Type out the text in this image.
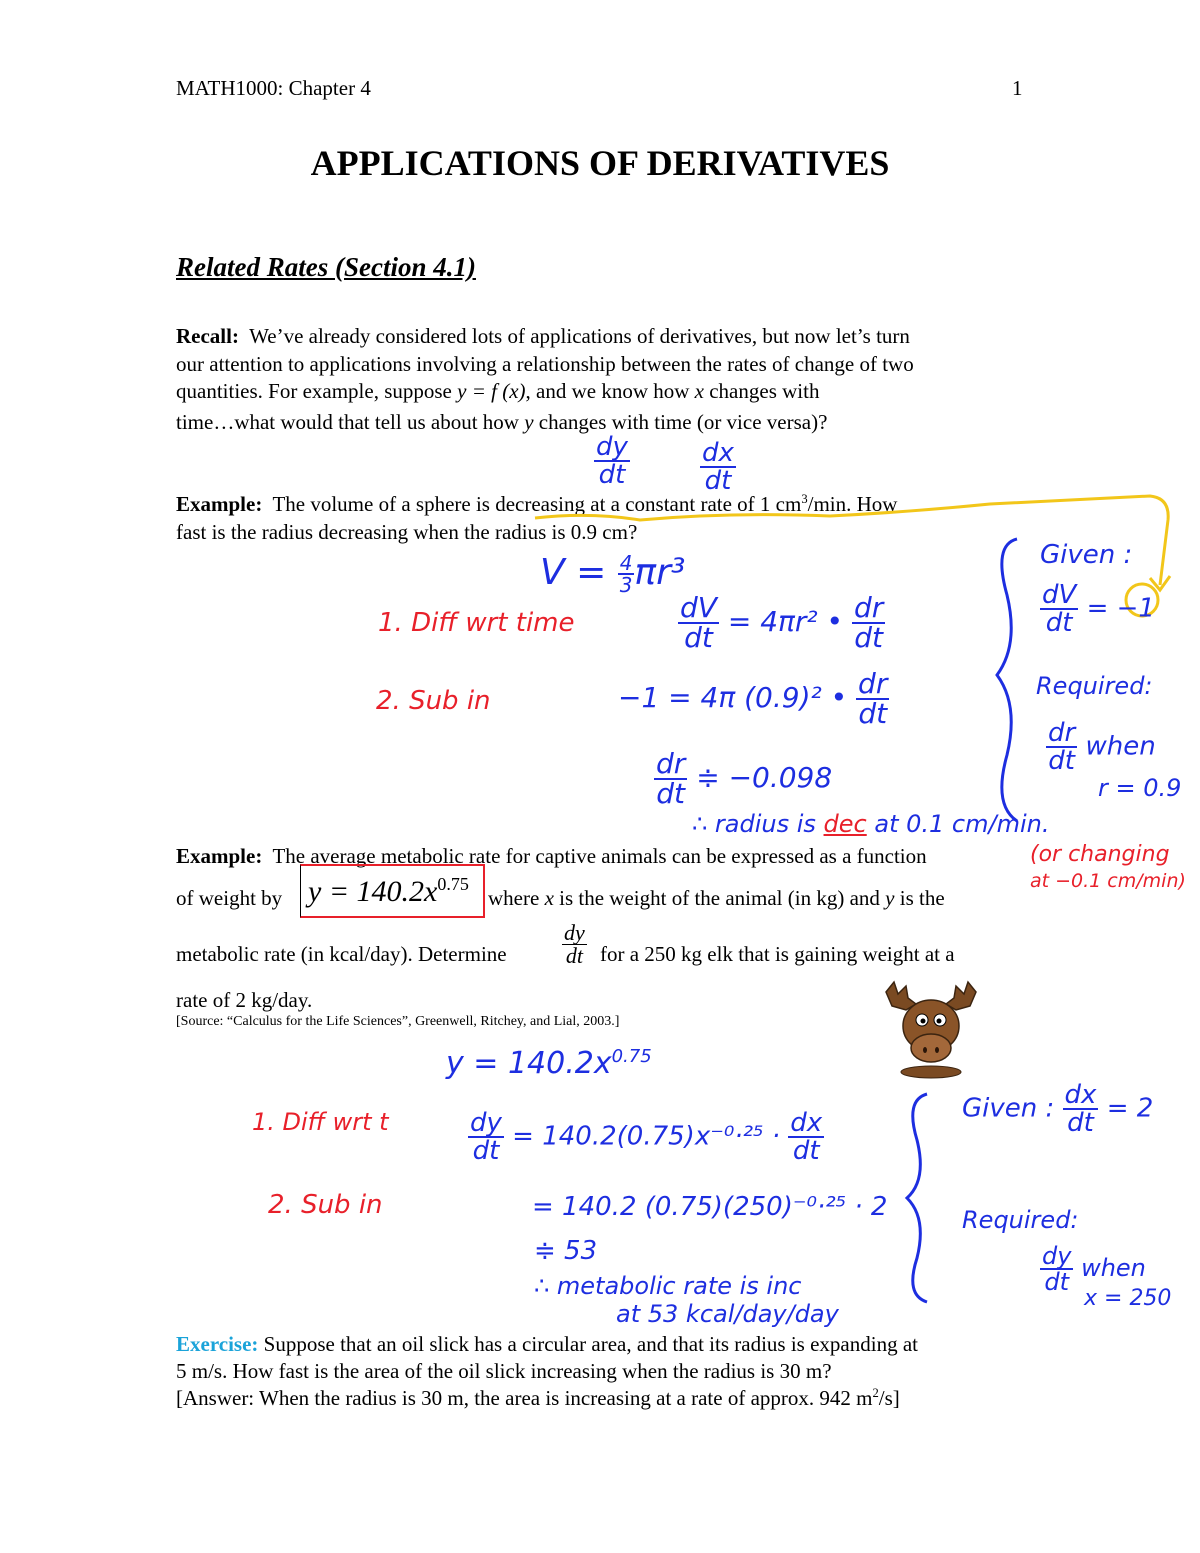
MATH1000: Chapter 4	1
APPLICATIONS OF DERIVATIVES
Related Rates (Section 4.1)
Recall: We’ve already considered lots of applications of derivatives, but now let’s turn
our attention to applications involving a relationship between the rates of change of two
quantities. For example, suppose y = f (x), and we know how x changes with
time…what would that tell us about how y changes with time (or vice versa)?
$\frac{dy}{dt}$	$\frac{dx}{dt}$
Example: The volume of a sphere is decreasing at a constant rate of 1 $cm^3/\min$. How
fast is the radius decreasing when the radius is 0.9 cm?
$V = \frac{4}{3} \pi r^3$
1. Diff wrt time	$\frac{dV}{dt} = 4\pi r^2$ • $\frac{dr}{dt}$
2. Sub in	−1 = 4π (0.9)² • $\frac{dr}{dt}$
$\frac{dr}{dt}$ ≑ −0.098
∴ radius is dec at 0.1 cm/min.
(or changing
at −0.1 cm/min)
Given :
$\frac{dV}{dt} = -1$
Required:
$\frac{dr}{dt}$ when
r = 0.9
Example: The average metabolic rate for captive animals can be expressed as a function
of weight by $y = 140.2x^{0.75}$
where x is the weight of the animal (in kg) and y is the
metabolic rate (in kcal/day). Determine	$\frac{dy}{dt}$ for a 250 kg elk that is gaining weight at a
rate of 2 kg/day.
[Source: “Calculus for the Life Sciences”, Greenwell, Ritchey, and Lial, 2003.]
$y = 140.2x^{0.75}$
1. Diff wrt t	$\frac{dy}{dt} = 140.2(0.75)x^{-0}\cdot^{25} \cdot \frac{dx}{dt}$
2. Sub in	= 140.2 (0.75)(250)⁻⁰·²⁵ · 2
≑ 53
∴ metabolic rate is inc
at 53 kcal/day/day
Given : $\frac{dx}{dt} = 2$
Required:
$\frac{dy}{dt}$ when
x = 250
Exercise: Suppose that an oil slick has a circular area, and that its radius is expanding at
5 m/s. How fast is the area of the oil slick increasing when the radius is 30 m?
[Answer: When the radius is 30 m, the area is increasing at a rate of approx. 942 $m^2/s$]
